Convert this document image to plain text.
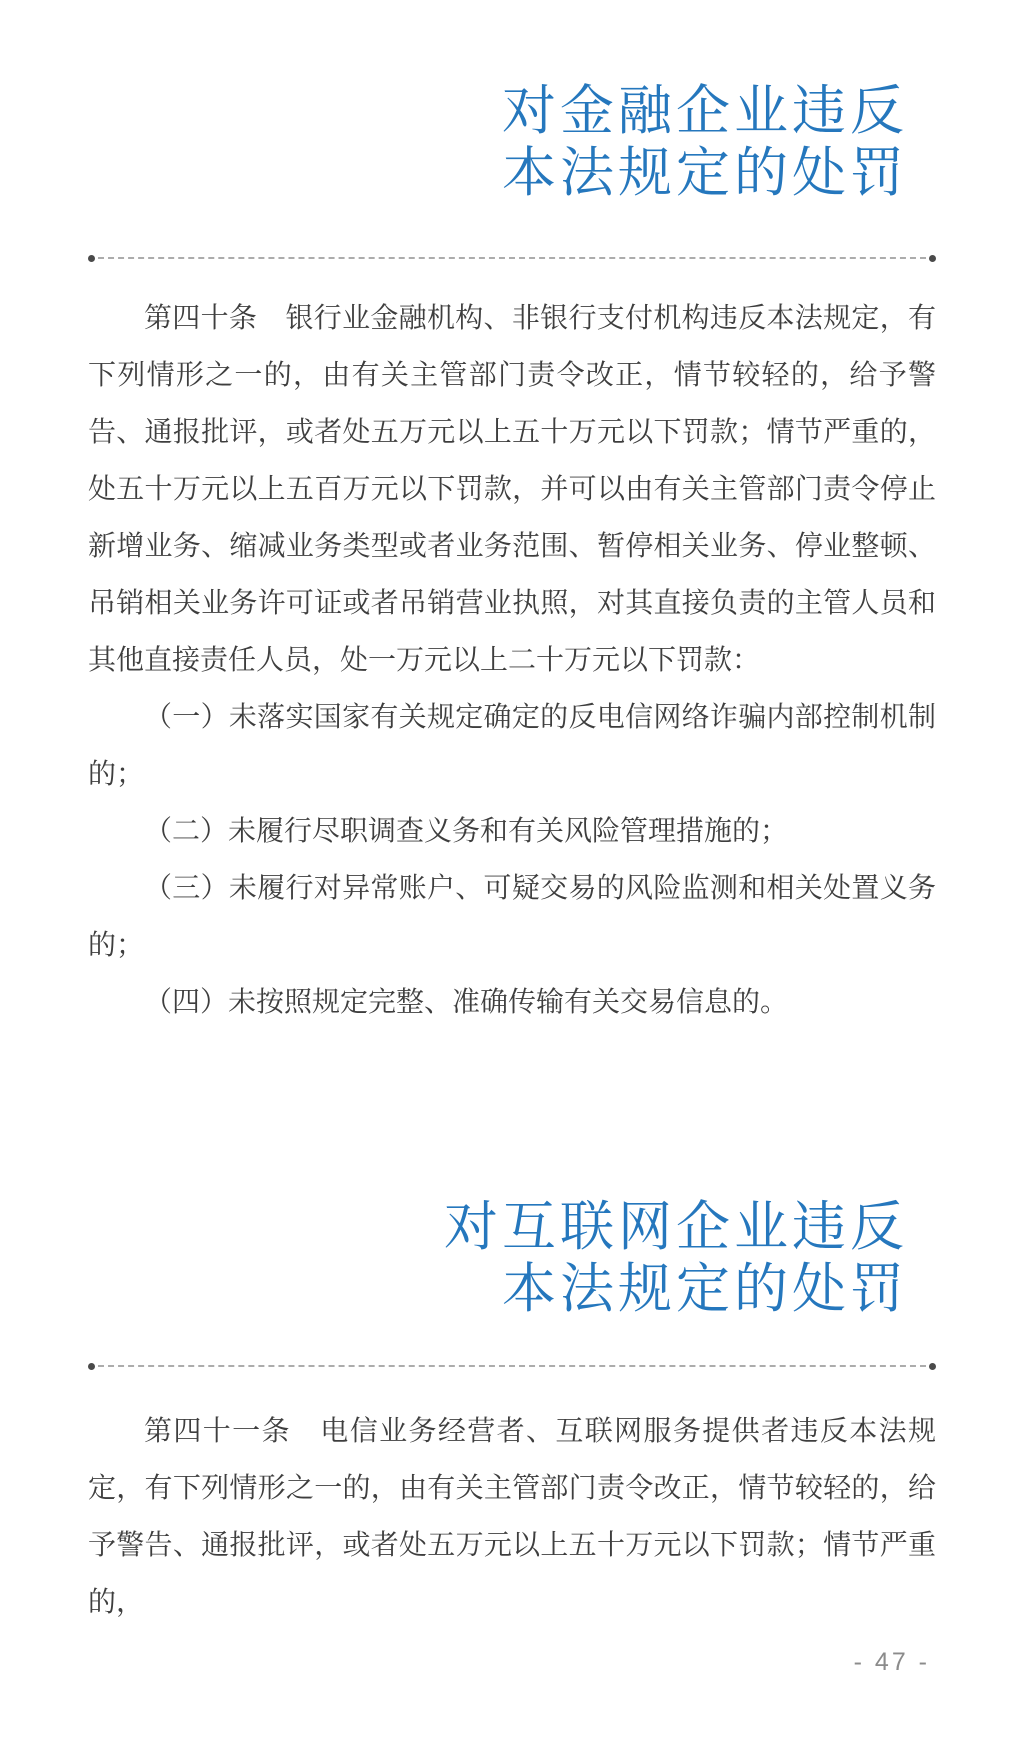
对金融企业违反
本法规定的处罚

第四十条　银行业金融机构、非银行支付机构违反本法规定，有下列情形之一的，由有关主管部门责令改正，情节较轻的，给予警告、通报批评，或者处五万元以上五十万元以下罚款；情节严重的，处五十万元以上五百万元以下罚款，并可以由有关主管部门责令停止新增业务、缩减业务类型或者业务范围、暂停相关业务、停业整顿、吊销相关业务许可证或者吊销营业执照，对其直接负责的主管人员和其他直接责任人员，处一万元以上二十万元以下罚款：

（一）未落实国家有关规定确定的反电信网络诈骗内部控制机制的；

（二）未履行尽职调查义务和有关风险管理措施的；

（三）未履行对异常账户、可疑交易的风险监测和相关处置义务的；

（四）未按照规定完整、准确传输有关交易信息的。

对互联网企业违反
本法规定的处罚

第四十一条　电信业务经营者、互联网服务提供者违反本法规定，有下列情形之一的，由有关主管部门责令改正，情节较轻的，给予警告、通报批评，或者处五万元以上五十万元以下罚款；情节严重的，

- 47 -
